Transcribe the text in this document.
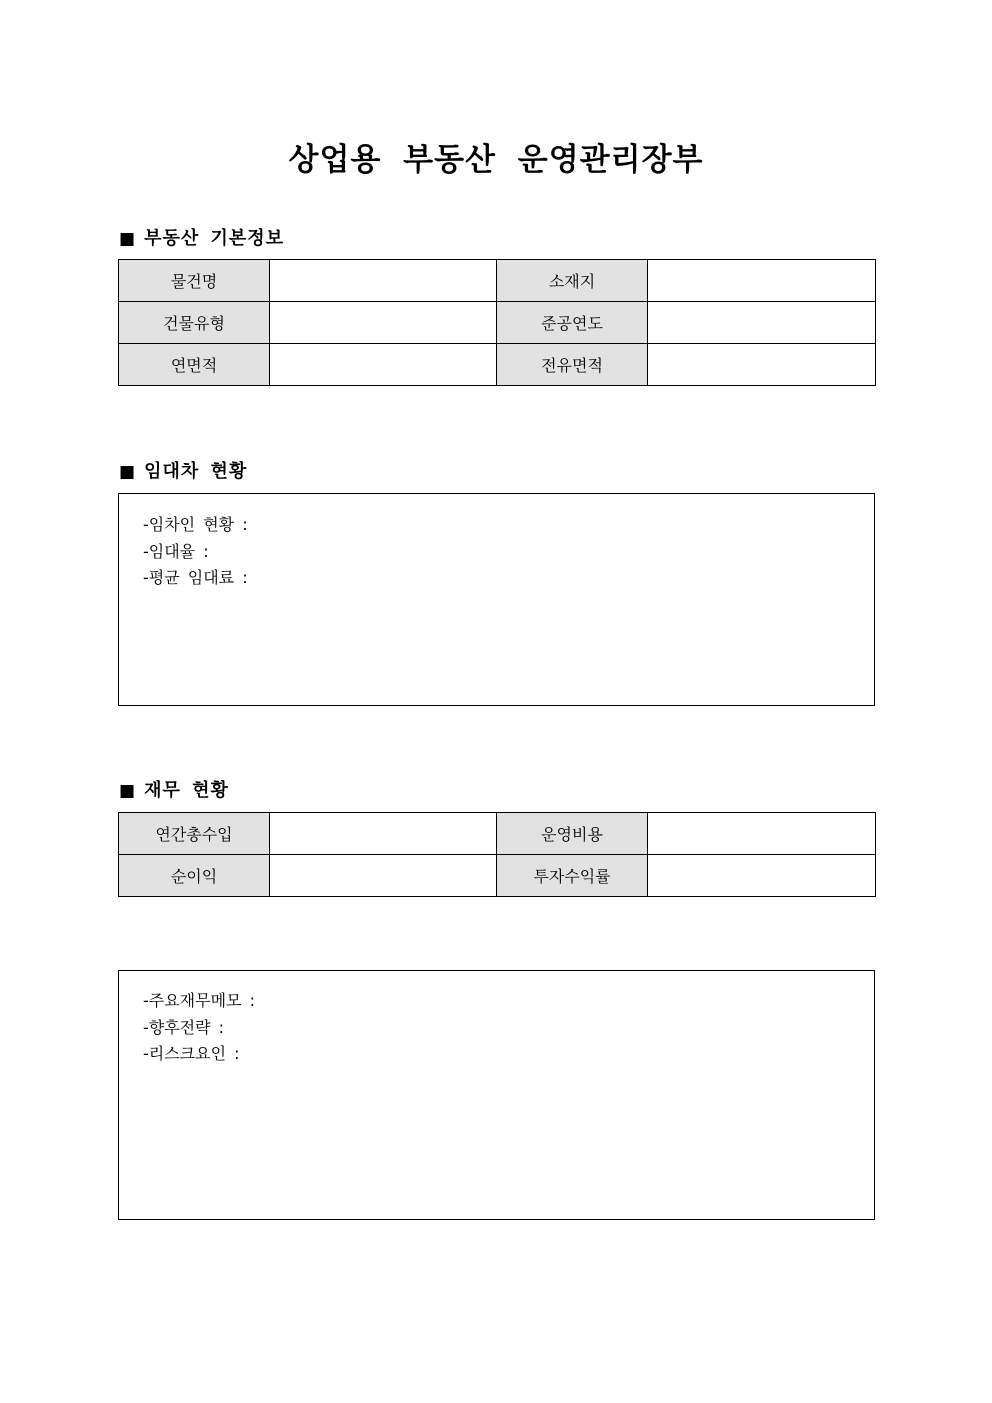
상업용 부동산 운영관리장부
■ 부동산 기본정보
물건명		소재지	
건물유형		준공연도	
연면적		전유면적	
■ 임대차 현황
-임차인 현황 :
-임대율 :
-평균 임대료 :
■ 재무 현황
연간총수입		운영비용	
순이익		투자수익률	
-주요재무메모 :
-향후전략 :
-리스크요인 :
